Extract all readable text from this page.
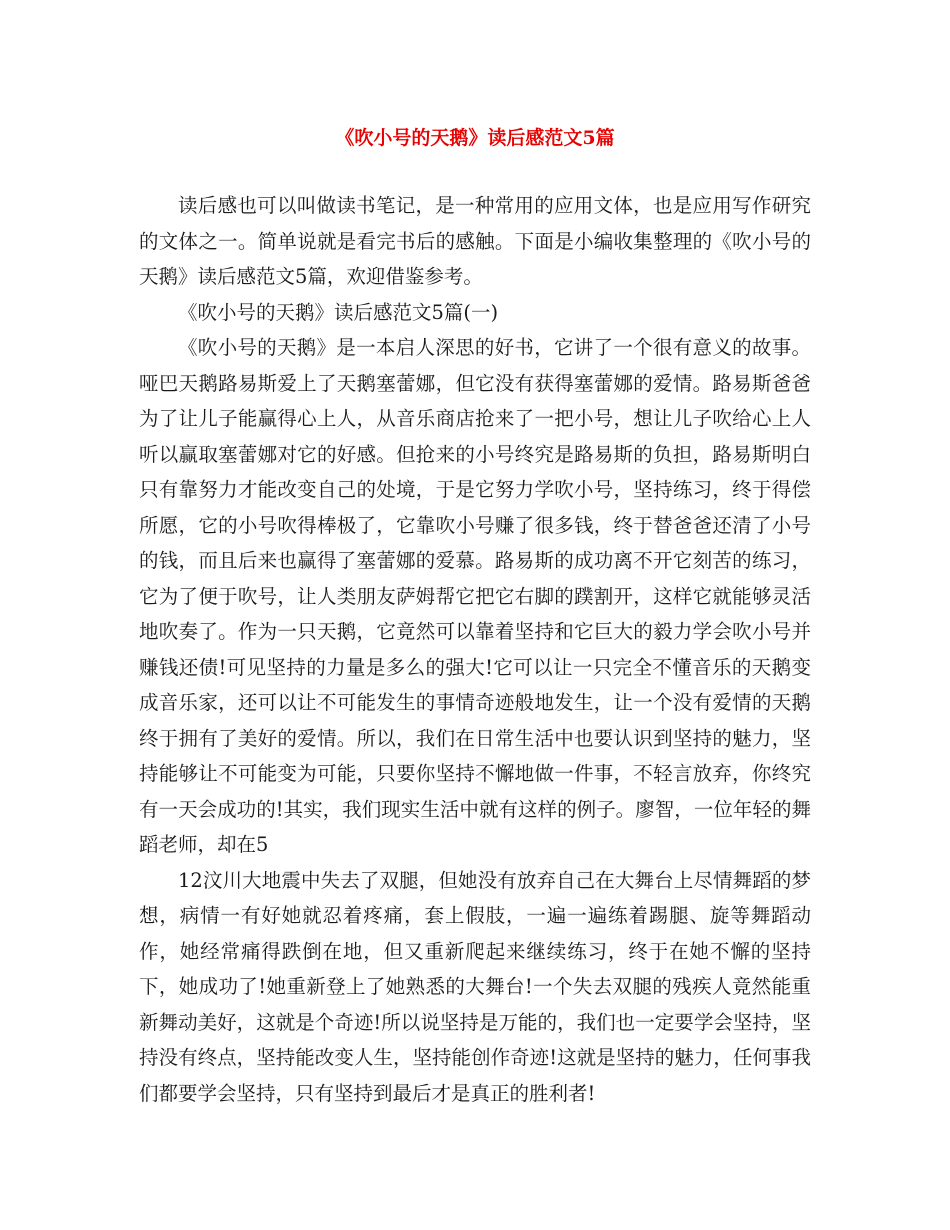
《吹小号的天鹅》读后感范文5篇

读后感也可以叫做读书笔记，是一种常用的应用文体，也是应用写作研究的文体之一。简单说就是看完书后的感触。下面是小编收集整理的《吹小号的天鹅》读后感范文5篇，欢迎借鉴参考。

《吹小号的天鹅》读后感范文5篇(一)

《吹小号的天鹅》是一本启人深思的好书，它讲了一个很有意义的故事。哑巴天鹅路易斯爱上了天鹅塞蕾娜，但它没有获得塞蕾娜的爱情。路易斯爸爸为了让儿子能赢得心上人，从音乐商店抢来了一把小号，想让儿子吹给心上人听以赢取塞蕾娜对它的好感。但抢来的小号终究是路易斯的负担，路易斯明白只有靠努力才能改变自己的处境，于是它努力学吹小号，坚持练习，终于得偿所愿，它的小号吹得棒极了，它靠吹小号赚了很多钱，终于替爸爸还清了小号的钱，而且后来也赢得了塞蕾娜的爱慕。路易斯的成功离不开它刻苦的练习，它为了便于吹号，让人类朋友萨姆帮它把它右脚的蹼割开，这样它就能够灵活地吹奏了。作为一只天鹅，它竟然可以靠着坚持和它巨大的毅力学会吹小号并赚钱还债!可见坚持的力量是多么的强大!它可以让一只完全不懂音乐的天鹅变成音乐家，还可以让不可能发生的事情奇迹般地发生，让一个没有爱情的天鹅终于拥有了美好的爱情。所以，我们在日常生活中也要认识到坚持的魅力，坚持能够让不可能变为可能，只要你坚持不懈地做一件事，不轻言放弃，你终究有一天会成功的!其实，我们现实生活中就有这样的例子。廖智，一位年轻的舞蹈老师，却在5

12汶川大地震中失去了双腿，但她没有放弃自己在大舞台上尽情舞蹈的梦想，病情一有好她就忍着疼痛，套上假肢，一遍一遍练着踢腿、旋等舞蹈动作，她经常痛得跌倒在地，但又重新爬起来继续练习，终于在她不懈的坚持下，她成功了!她重新登上了她熟悉的大舞台!一个失去双腿的残疾人竟然能重新舞动美好，这就是个奇迹!所以说坚持是万能的，我们也一定要学会坚持，坚持没有终点，坚持能改变人生，坚持能创作奇迹!这就是坚持的魅力，任何事我们都要学会坚持，只有坚持到最后才是真正的胜利者!
